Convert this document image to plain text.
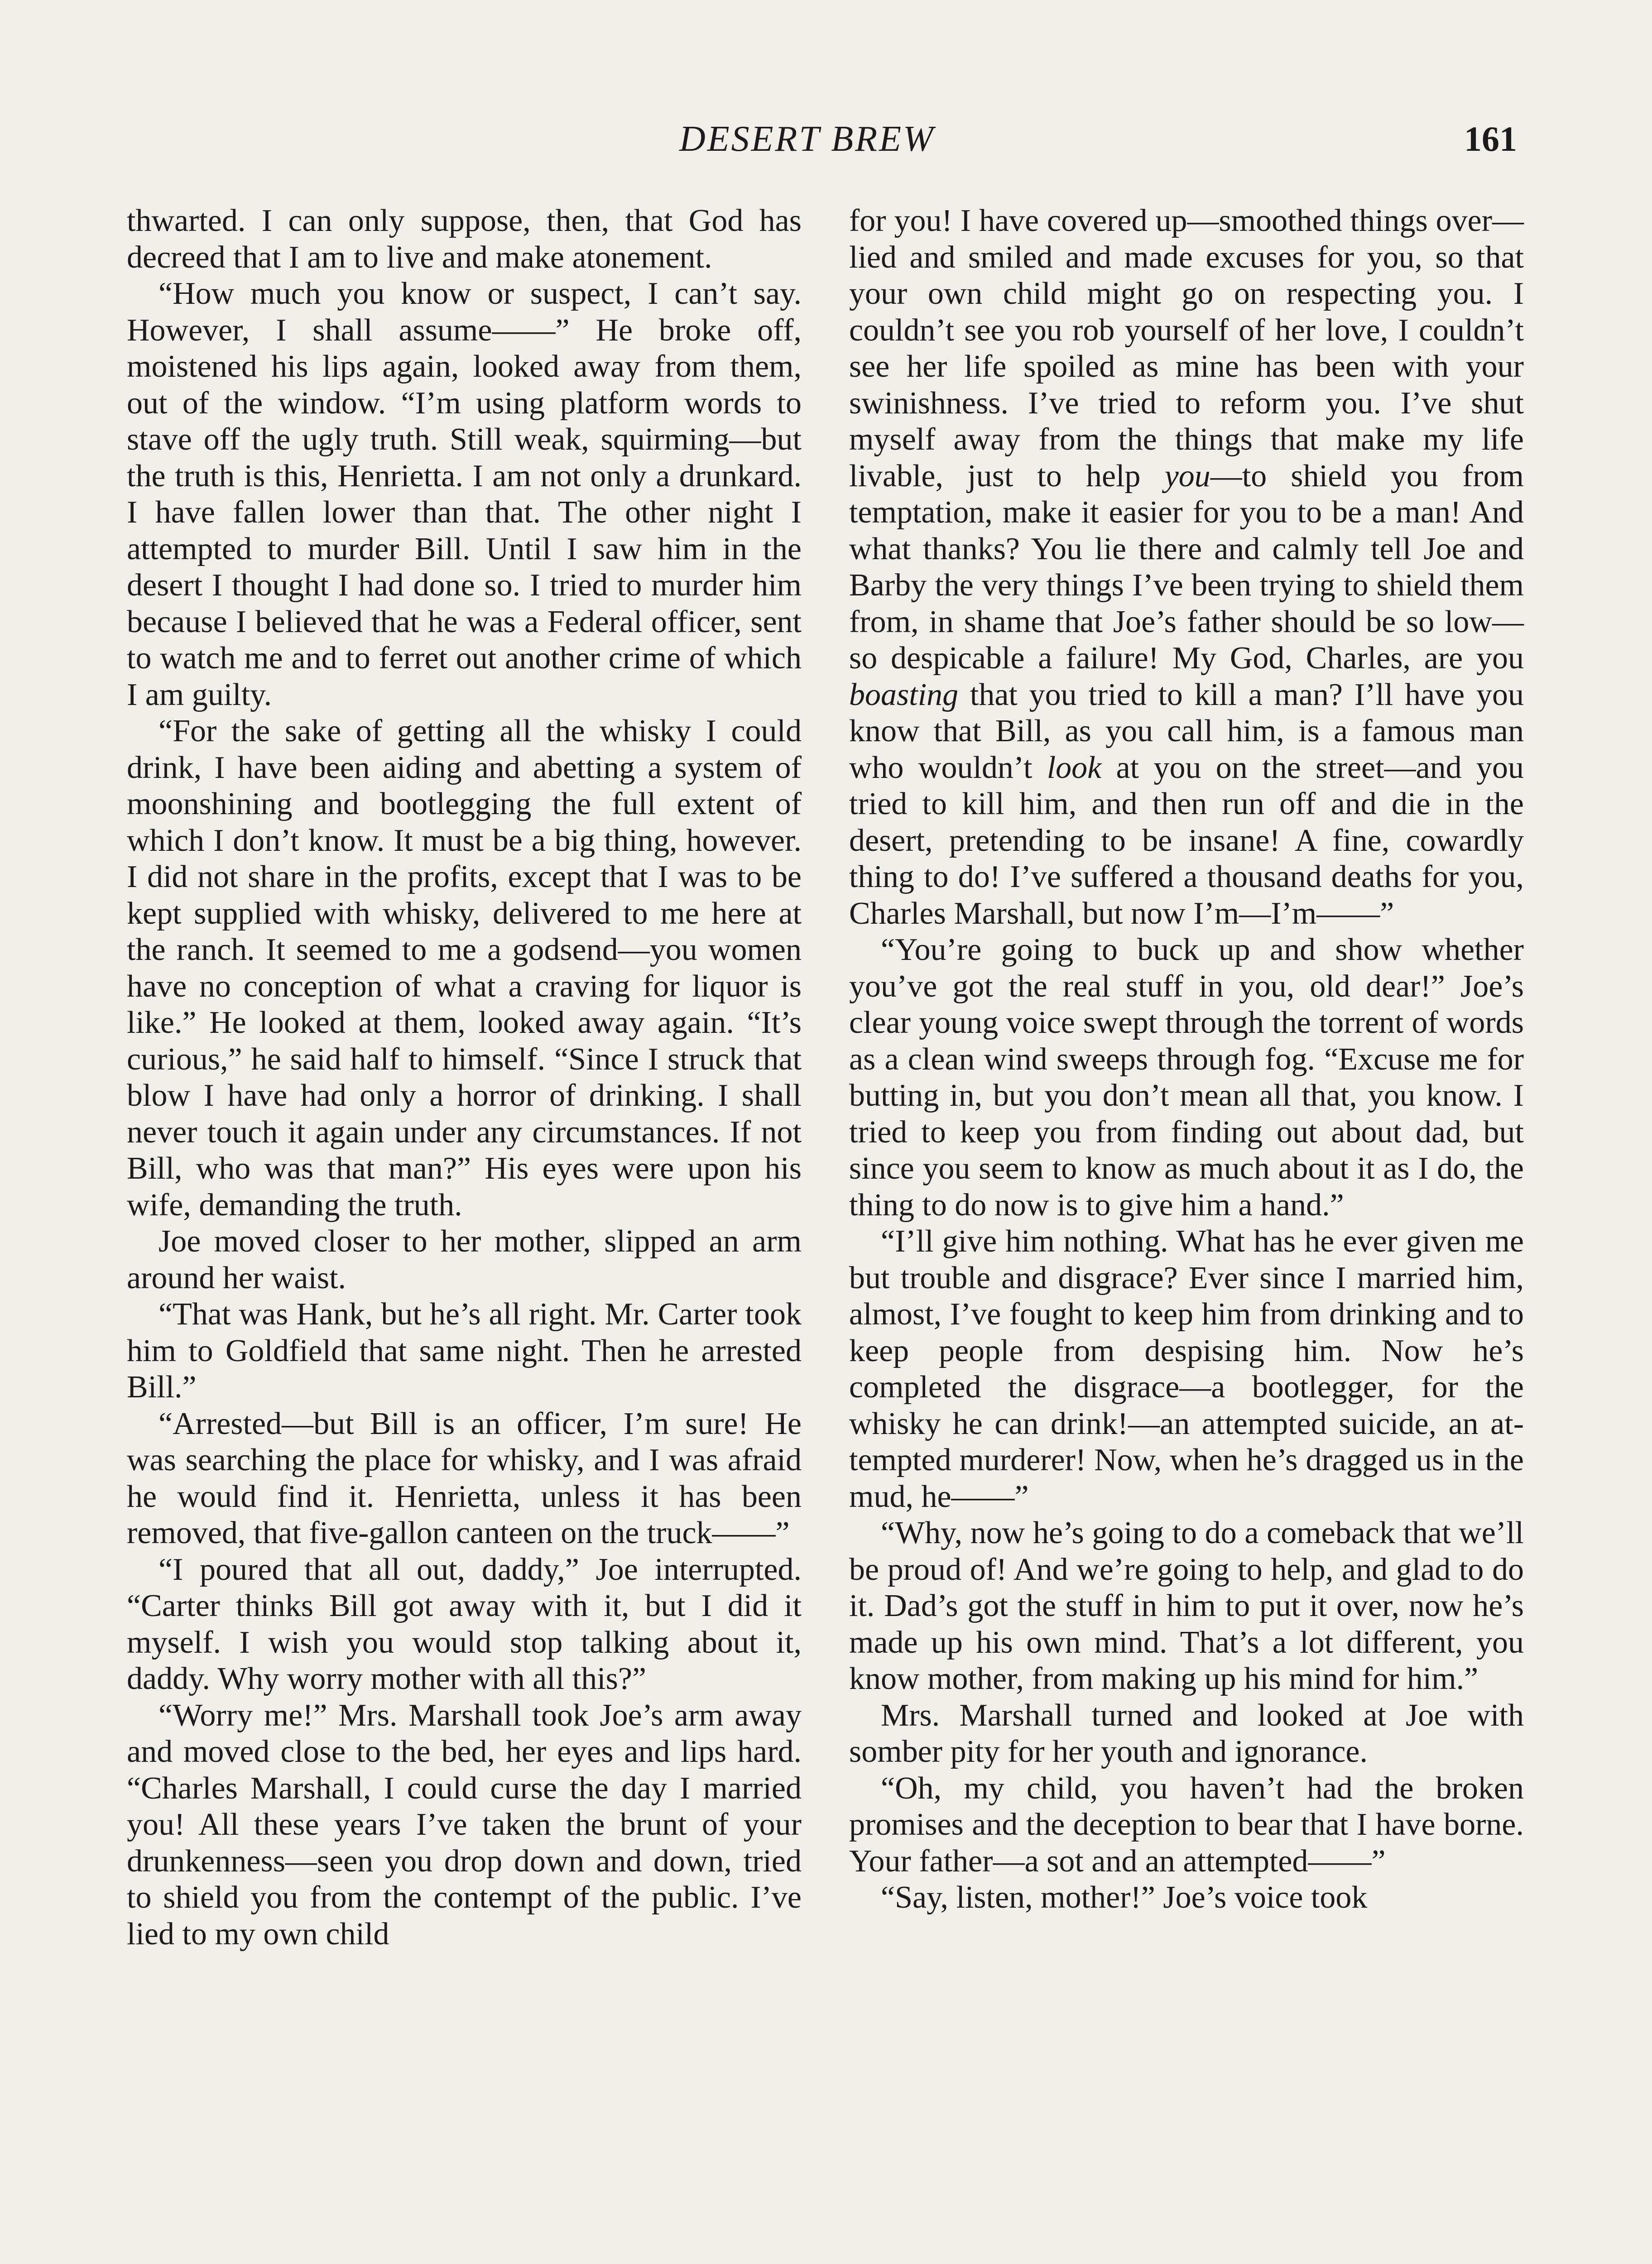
DESERT BREW	161

thwarted. I can only suppose, then, that God has decreed that I am to live and make atonement.

“How much you know or suspect, I can’t say. However, I shall assume——” He broke off, moistened his lips again, looked away from them, out of the window. “I’m using platform words to stave off the ugly truth. Still weak, squirming—but the truth is this, Henrietta. I am not only a drunkard. I have fallen lower than that. The other night I attempted to murder Bill. Until I saw him in the desert I thought I had done so. I tried to murder him because I believed that he was a Federal officer, sent to watch me and to ferret out another crime of which I am guilty.

“For the sake of getting all the whisky I could drink, I have been aiding and abetting a system of moonshining and bootlegging the full extent of which I don’t know. It must be a big thing, however. I did not share in the profits, except that I was to be kept supplied with whisky, delivered to me here at the ranch. It seemed to me a godsend—you women have no conception of what a craving for liquor is like.” He looked at them, looked away again. “It’s curious,” he said half to himself. “Since I struck that blow I have had only a horror of drinking. I shall never touch it again under any circumstances. If not Bill, who was that man?” His eyes were upon his wife, demanding the truth.

Joe moved closer to her mother, slipped an arm around her waist.

“That was Hank, but he’s all right. Mr. Carter took him to Goldfield that same night. Then he arrested Bill.”

“Arrested—but Bill is an officer, I’m sure! He was searching the place for whisky, and I was afraid he would find it. Henrietta, unless it has been removed, that five-gallon canteen on the truck——”

“I poured that all out, daddy,” Joe interrupted. “Carter thinks Bill got away with it, but I did it myself. I wish you would stop talking about it, daddy. Why worry mother with all this?”

“Worry me!” Mrs. Marshall took Joe’s arm away and moved close to the bed, her eyes and lips hard. “Charles Marshall, I could curse the day I married you! All these years I’ve taken the brunt of your drunkenness—seen you drop down and down, tried to shield you from the contempt of the public. I’ve lied to my own child

for you! I have covered up—smoothed things over—lied and smiled and made excuses for you, so that your own child might go on respecting you. I couldn’t see you rob yourself of her love, I couldn’t see her life spoiled as mine has been with your swinishness. I’ve tried to reform you. I’ve shut myself away from the things that make my life livable, just to help you—to shield you from temptation, make it easier for you to be a man! And what thanks? You lie there and calmly tell Joe and Barby the very things I’ve been trying to shield them from, in shame that Joe’s father should be so low—so despicable a failure! My God, Charles, are you boasting that you tried to kill a man? I’ll have you know that Bill, as you call him, is a famous man who wouldn’t look at you on the street—and you tried to kill him, and then run off and die in the desert, pretending to be insane! A fine, cowardly thing to do! I’ve suffered a thousand deaths for you, Charles Marshall, but now I’m—I’m——”

“You’re going to buck up and show whether you’ve got the real stuff in you, old dear!” Joe’s clear young voice swept through the torrent of words as a clean wind sweeps through fog. “Excuse me for butting in, but you don’t mean all that, you know. I tried to keep you from finding out about dad, but since you seem to know as much about it as I do, the thing to do now is to give him a hand.”

“I’ll give him nothing. What has he ever given me but trouble and disgrace? Ever since I married him, almost, I’ve fought to keep him from drinking and to keep people from despising him. Now he’s completed the disgrace—a bootlegger, for the whisky he can drink!—an attempted suicide, an attempted murderer! Now, when he’s dragged us in the mud, he——”

“Why, now he’s going to do a comeback that we’ll be proud of! And we’re going to help, and glad to do it. Dad’s got the stuff in him to put it over, now he’s made up his own mind. That’s a lot different, you know mother, from making up his mind for him.”

Mrs. Marshall turned and looked at Joe with somber pity for her youth and ignorance.

“Oh, my child, you haven’t had the broken promises and the deception to bear that I have borne. Your father—a sot and an attempted——”

“Say, listen, mother!” Joe’s voice took
